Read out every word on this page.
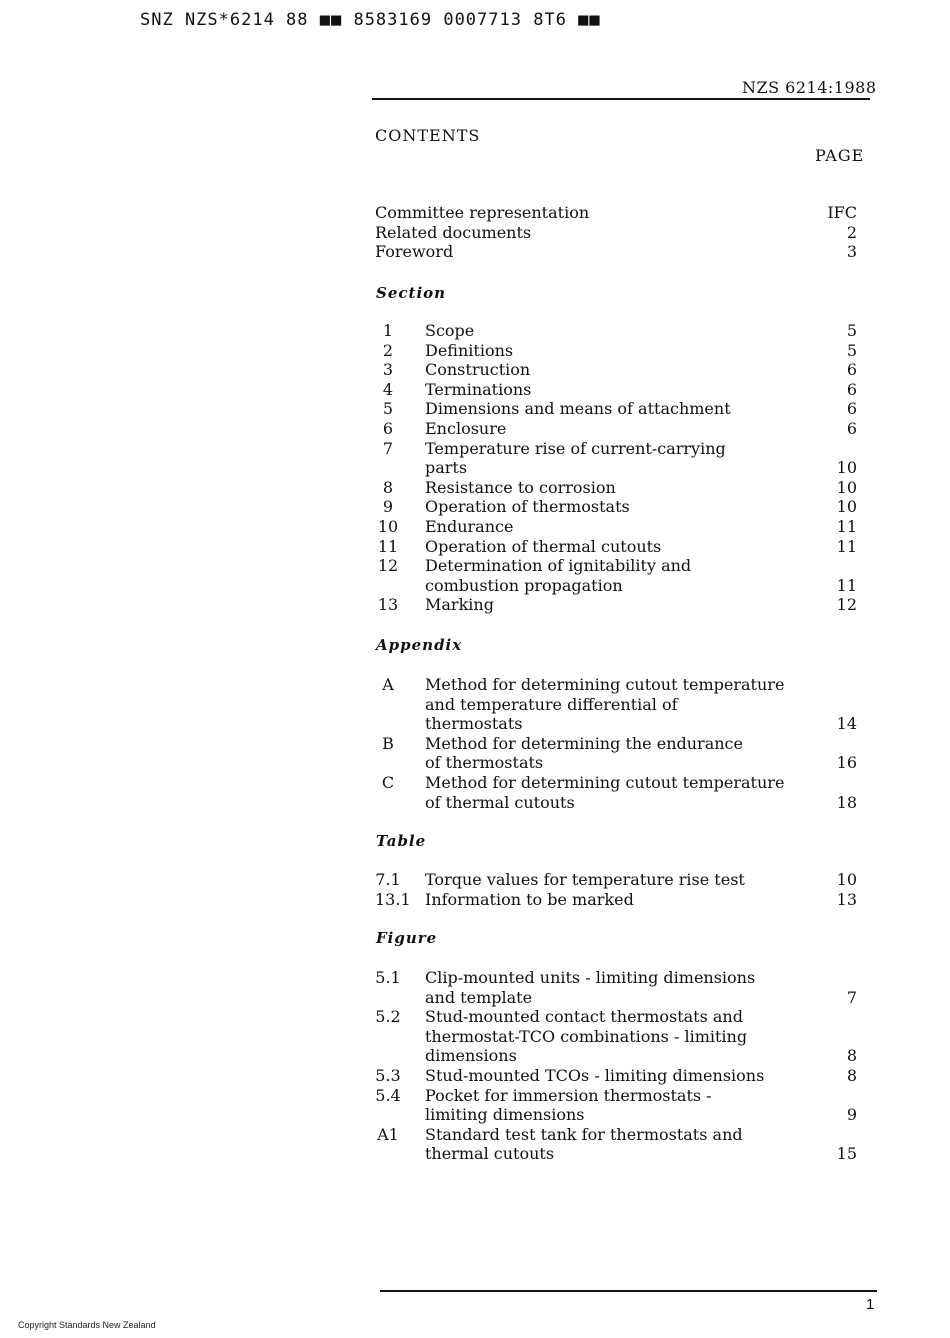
SNZ NZS*6214 88 ■■ 8583169 0007713 8T6 ■■
NZS 6214:1988
CONTENTS
PAGE
Committee representation	IFC
Related documents	2
Foreword	3
Section
1	Scope	5
2	Definitions	5
3	Construction	6
4	Terminations	6
5	Dimensions and means of attachment	6
6	Enclosure	6
7	Temperature rise of current-carrying
parts	10
8	Resistance to corrosion	10
9	Operation of thermostats	10
10 Endurance	11
11 Operation of thermal cutouts	11
12 Determination of ignitability and
combustion propagation	11
13 Marking	12
Appendix
A	Method for determining cutout temperature
and temperature differential of
thermostats	14
B	Method for determining the endurance
of thermostats	16
C	Method for determining cutout temperature
of thermal cutouts	18
Table
7.1 Torque values for temperature rise test	10
13.1 Information to be marked	13
Figure
5.1 Clip-mounted units - limiting dimensions
and template	7
5.2 Stud-mounted contact thermostats and
thermostat-TCO combinations - limiting
dimensions	8
5.3 Stud-mounted TCOs - limiting dimensions	8
5.4 Pocket for immersion thermostats -
limiting dimensions	9
A1 Standard test tank for thermostats and
thermal cutouts	15
1
Copyright Standards New Zealand
